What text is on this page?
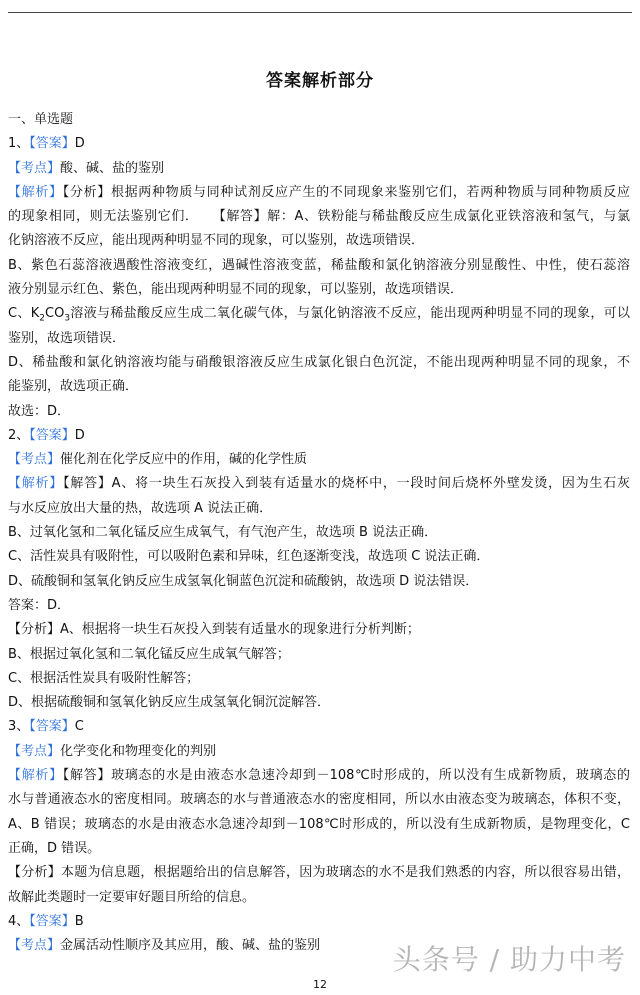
答案解析部分
一、单选题
1、【答案】D
【考点】酸、碱、盐的鉴别
【解析】【分析】根据两种物质与同种试剂反应产生的不同现象来鉴别它们，若两种物质与同种物质反应
的现象相同，则无法鉴别它们．　　 【解答】解：A、铁粉能与稀盐酸反应生成氯化亚铁溶液和氢气，与氯
化钠溶液不反应，能出现两种明显不同的现象，可以鉴别，故选项错误．
B、紫色石蕊溶液遇酸性溶液变红，遇碱性溶液变蓝，稀盐酸和氯化钠溶液分别显酸性、中性，使石蕊溶
液分别显示红色、紫色，能出现两种明显不同的现象，可以鉴别，故选项错误．
C、$K_2CO_3$溶液与稀盐酸反应生成二氧化碳气体，与氯化钠溶液不反应，能出现两种明显不同的现象，可以
鉴别，故选项错误．
D、稀盐酸和氯化钠溶液均能与硝酸银溶液反应生成氯化银白色沉淀，不能出现两种明显不同的现象，不
能鉴别，故选项正确．
故选：D．
2、【答案】D
【考点】催化剂在化学反应中的作用，碱的化学性质
【解析】【解答】A、将一块生石灰投入到装有适量水的烧杯中，一段时间后烧杯外壁发烫，因为生石灰
与水反应放出大量的热，故选项 A 说法正确．
B、过氧化氢和二氧化锰反应生成氧气，有气泡产生，故选项 B 说法正确．
C、活性炭具有吸附性，可以吸附色素和异味，红色逐渐变浅，故选项 C 说法正确．
D、硫酸铜和氢氧化钠反应生成氢氧化铜蓝色沉淀和硫酸钠，故选项 D 说法错误．
答案：D．
【分析】A、根据将一块生石灰投入到装有适量水的现象进行分析判断；
B、根据过氧化氢和二氧化锰反应生成氧气解答；
C、根据活性炭具有吸附性解答；
D、根据硫酸铜和氢氧化钠反应生成氢氧化铜沉淀解答．
3、【答案】C
【考点】化学变化和物理变化的判别
【解析】【解答】玻璃态的水是由液态水急速冷却到－108℃时形成的，所以没有生成新物质，玻璃态的
水与普通液态水的密度相同。玻璃态的水与普通液态水的密度相同，所以水由液态变为玻璃态，体积不变，
A、B 错误；玻璃态的水是由液态水急速冷却到－108℃时形成的，所以没有生成新物质，是物理变化，C
正确，D 错误。
【分析】本题为信息题，根据题给出的信息解答，因为玻璃态的水不是我们熟悉的内容，所以很容易出错，
故解此类题时一定要审好题目所给的信息。
4、【答案】B
【考点】金属活动性顺序及其应用，酸、碱、盐的鉴别	头条号 / 助力中考
12
